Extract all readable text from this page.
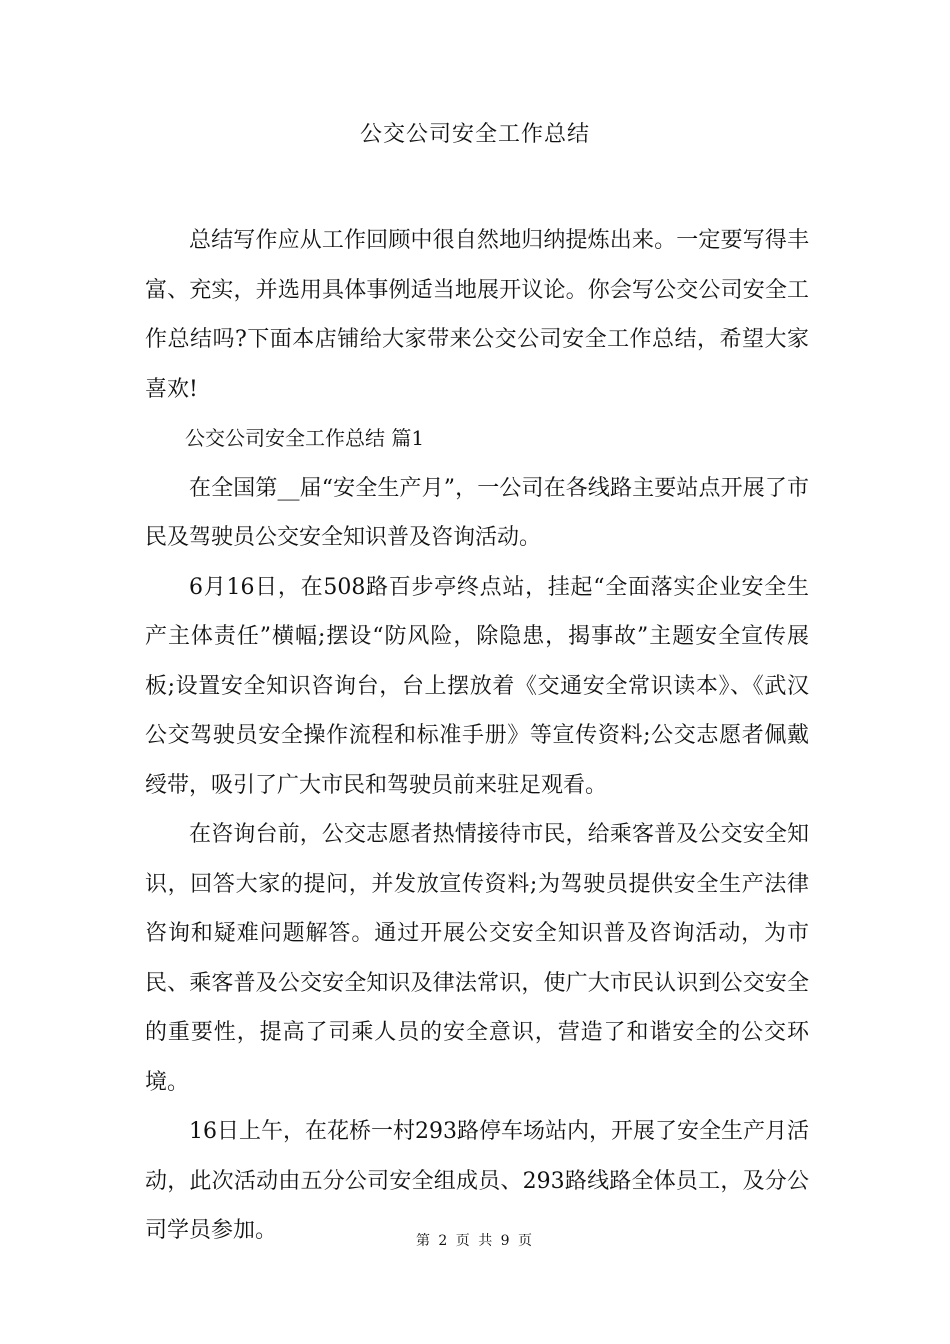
公交公司安全工作总结

总结写作应从工作回顾中很自然地归纳提炼出来。一定要写得丰富、充实，并选用具体事例适当地展开议论。你会写公交公司安全工作总结吗?下面本店铺给大家带来公交公司安全工作总结，希望大家喜欢!

公交公司安全工作总结 篇1

在全国第__届“安全生产月”，一公司在各线路主要站点开展了市民及驾驶员公交安全知识普及咨询活动。

6月16日，在508路百步亭终点站，挂起“全面落实企业安全生产主体责任”横幅;摆设“防风险，除隐患，揭事故”主题安全宣传展板;设置安全知识咨询台，台上摆放着《交通安全常识读本》、《武汉公交驾驶员安全操作流程和标准手册》等宣传资料;公交志愿者佩戴绶带，吸引了广大市民和驾驶员前来驻足观看。

在咨询台前，公交志愿者热情接待市民，给乘客普及公交安全知识，回答大家的提问，并发放宣传资料;为驾驶员提供安全生产法律咨询和疑难问题解答。通过开展公交安全知识普及咨询活动，为市民、乘客普及公交安全知识及律法常识，使广大市民认识到公交安全的重要性，提高了司乘人员的安全意识，营造了和谐安全的公交环境。

16日上午，在花桥一村293路停车场站内，开展了安全生产月活动，此次活动由五分公司安全组成员、293路线路全体员工，及分公司学员参加。	第 2 页 共 9 页
